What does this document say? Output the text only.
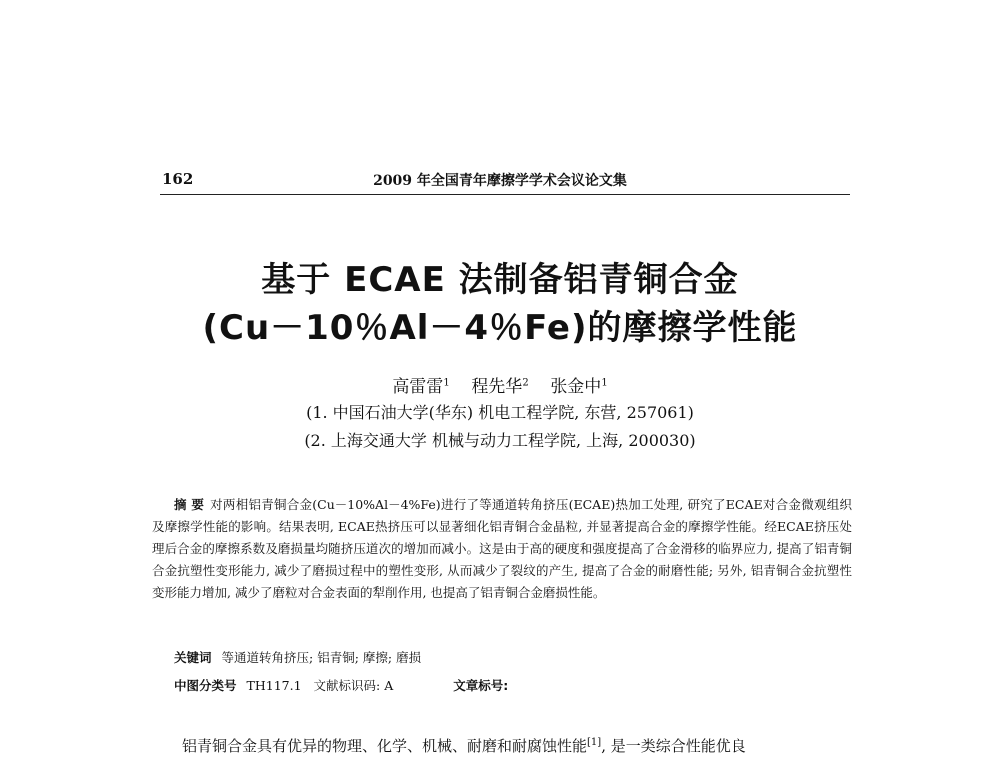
162	2009 年全国青年摩擦学学术会议论文集
基于 ECAE 法制备铝青铜合金
(Cu－10％Al－4％Fe)的摩擦学性能
高雷雷$^1$ 程先华$^2$ 张金中$^1$
(1. 中国石油大学(华东) 机电工程学院, 东营, 257061)
(2. 上海交通大学 机械与动力工程学院, 上海, 200030)
摘 要 对两相铝青铜合金(Cu－10%Al－4%Fe)进行了等通道转角挤压(ECAE)热加工处理, 研究了ECAE对合金微观组织及摩擦学性能的影响。结果表明, ECAE热挤压可以显著细化铝青铜合金晶粒, 并显著提高合金的摩擦学性能。经ECAE挤压处理后合金的摩擦系数及磨损量均随挤压道次的增加而减小。这是由于高的硬度和强度提高了合金滑移的临界应力, 提高了铝青铜合金抗塑性变形能力, 减少了磨损过程中的塑性变形, 从而减少了裂纹的产生, 提高了合金的耐磨性能; 另外, 铝青铜合金抗塑性变形能力增加, 减少了磨粒对合金表面的犁削作用, 也提高了铝青铜合金磨损性能。
关键词 等通道转角挤压; 铝青铜; 摩擦; 磨损
中图分类号 TH117.1 文献标识码: A	文章标号:
铝青铜合金具有优异的物理、化学、机械、耐磨和耐腐蚀性能[1], 是一类综合性能优良
